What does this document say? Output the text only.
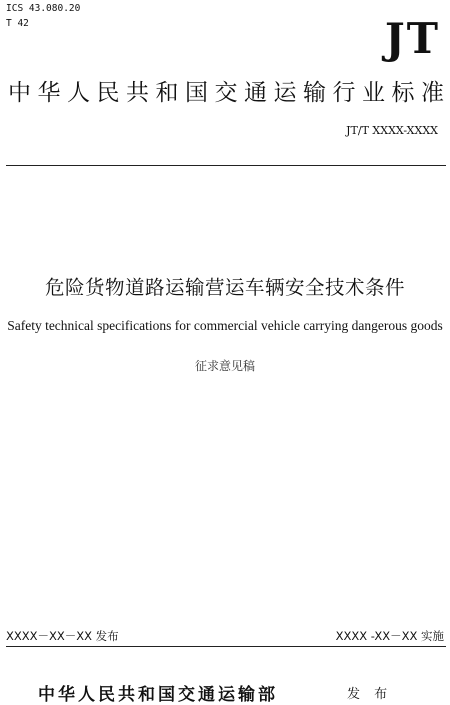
ICS 43.080.20
T 42	JT
中华人民共和国交通运输行业标准
JT/T XXXX-XXXX
危险货物道路运输营运车辆安全技术条件
Safety technical specifications for commercial vehicle carrying dangerous goods
征求意见稿
XXXX－XX－XX 发布	XXXX -XX－XX 实施
中华人民共和国交通运输部	发 布
